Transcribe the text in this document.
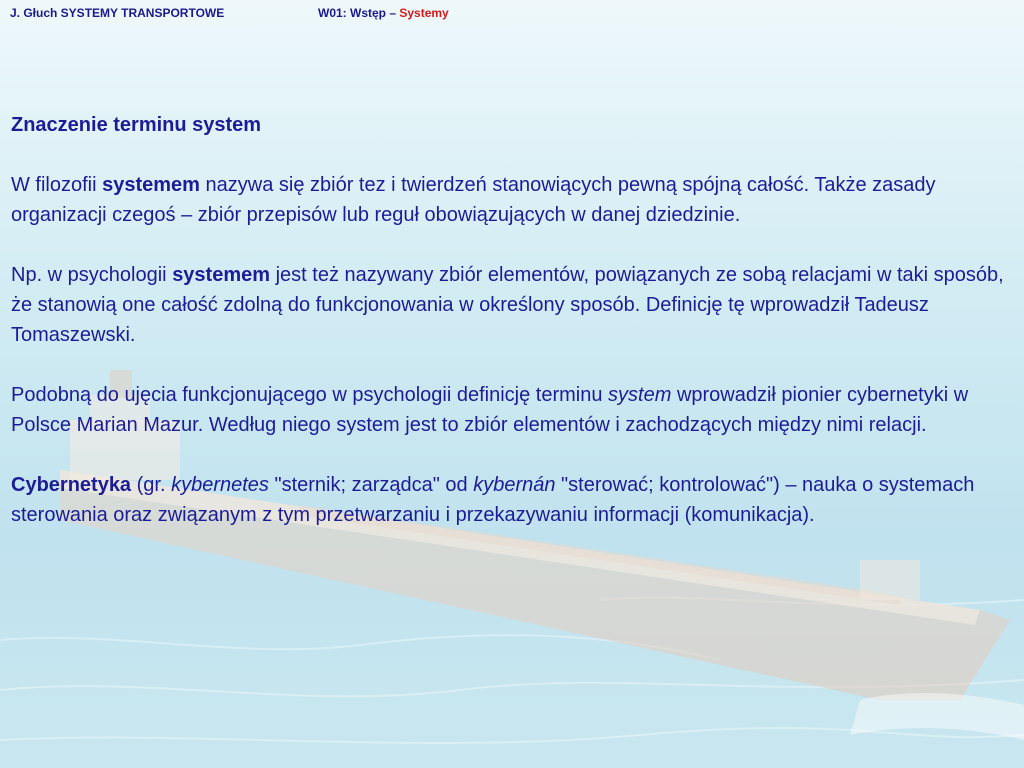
J. Głuch SYSTEMY TRANSPORTOWE	W01: Wstęp – Systemy
Znaczenie terminu system
W filozofii systemem nazywa się zbiór tez i twierdzeń stanowiących pewną spójną całość. Także zasady organizacji czegoś – zbiór przepisów lub reguł obowiązujących w danej dziedzinie.
Np. w psychologii systemem jest też nazywany zbiór elementów, powiązanych ze sobą relacjami w taki sposób, że stanowią one całość zdolną do funkcjonowania w określony sposób. Definicję tę wprowadził Tadeusz Tomaszewski.
Podobną do ujęcia funkcjonującego w psychologii definicję terminu system wprowadził pionier cybernetyki w Polsce Marian Mazur. Według niego system jest to zbiór elementów i zachodzących między nimi relacji.
Cybernetyka (gr. kybernetes "sternik; zarządca" od kybernán "sterować; kontrolować") – nauka o systemach sterowania oraz związanym z tym przetwarzaniu i przekazywaniu informacji (komunikacja).
